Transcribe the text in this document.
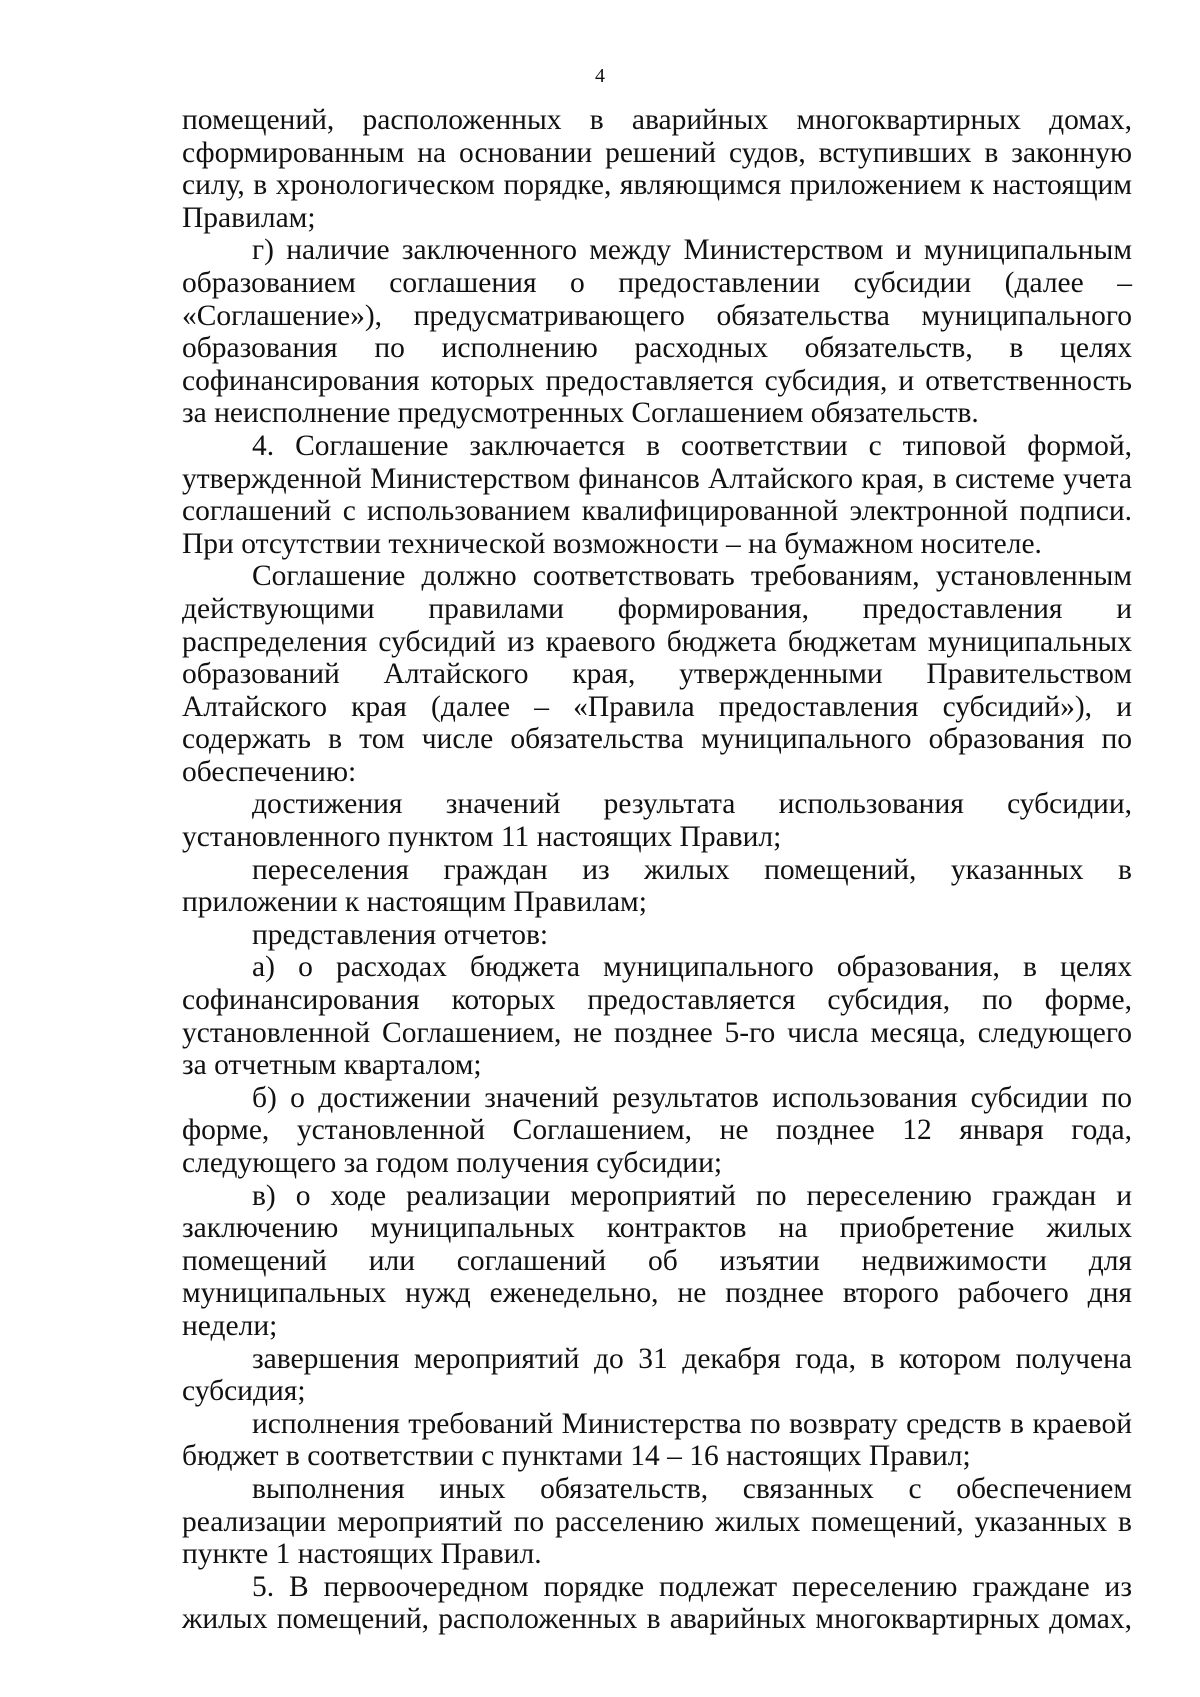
4

помещений, расположенных в аварийных многоквартирных домах, сформированным на основании решений судов, вступивших в законную силу, в хронологическом порядке, являющимся приложением к настоящим Правилам;

г) наличие заключенного между Министерством и муниципальным образованием соглашения о предоставлении субсидии (далее – «Соглашение»), предусматривающего обязательства муниципального образования по исполнению расходных обязательств, в целях софинансирования которых предоставляется субсидия, и ответственность за неисполнение предусмотренных Соглашением обязательств.

4. Соглашение заключается в соответствии с типовой формой, утвержденной Министерством финансов Алтайского края, в системе учета соглашений с использованием квалифицированной электронной подписи. При отсутствии технической возможности – на бумажном носителе.

Соглашение должно соответствовать требованиям, установленным действующими правилами формирования, предоставления и распределения субсидий из краевого бюджета бюджетам муниципальных образований Алтайского края, утвержденными Правительством Алтайского края (далее – «Правила предоставления субсидий»), и содержать в том числе обязательства муниципального образования по обеспечению:

достижения значений результата использования субсидии, установленного пунктом 11 настоящих Правил;

переселения граждан из жилых помещений, указанных в приложении к настоящим Правилам;

представления отчетов:

а) о расходах бюджета муниципального образования, в целях софинансирования которых предоставляется субсидия, по форме, установленной Соглашением, не позднее 5-го числа месяца, следующего за отчетным кварталом;

б) о достижении значений результатов использования субсидии по форме, установленной Соглашением, не позднее 12 января года, следующего за годом получения субсидии;

в) о ходе реализации мероприятий по переселению граждан и заключению муниципальных контрактов на приобретение жилых помещений или соглашений об изъятии недвижимости для муниципальных нужд еженедельно, не позднее второго рабочего дня недели;

завершения мероприятий до 31 декабря года, в котором получена субсидия;

исполнения требований Министерства по возврату средств в краевой бюджет в соответствии с пунктами 14 – 16 настоящих Правил;

выполнения иных обязательств, связанных с обеспечением реализации мероприятий по расселению жилых помещений, указанных в пункте 1 настоящих Правил.

5. В первоочередном порядке подлежат переселению граждане из жилых помещений, расположенных в аварийных многоквартирных домах,
